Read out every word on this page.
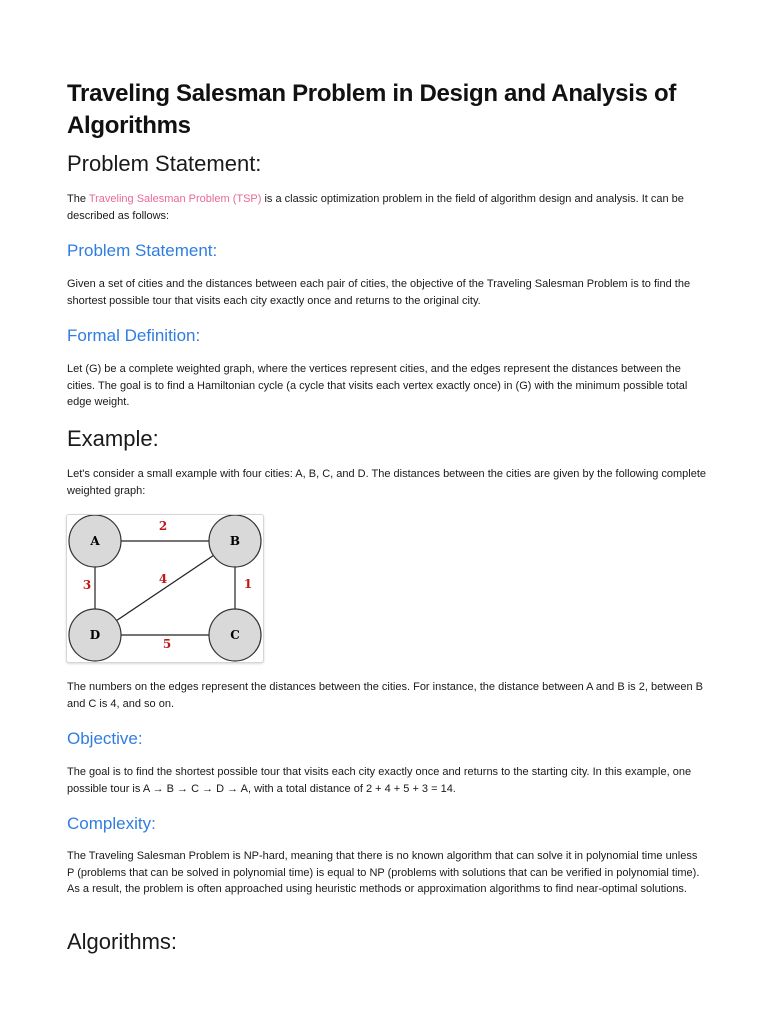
Traveling Salesman Problem in Design and Analysis of Algorithms
Problem Statement:
The Traveling Salesman Problem (TSP) is a classic optimization problem in the field of algorithm design and analysis. It can be described as follows:
Problem Statement:
Given a set of cities and the distances between each pair of cities, the objective of the Traveling Salesman Problem is to find the shortest possible tour that visits each city exactly once and returns to the original city.
Formal Definition:
Let (G) be a complete weighted graph, where the vertices represent cities, and the edges represent the distances between the cities. The goal is to find a Hamiltonian cycle (a cycle that visits each vertex exactly once) in (G) with the minimum possible total edge weight.
Example:
Let's consider a small example with four cities: A, B, C, and D. The distances between the cities are given by the following complete weighted graph:
A	B
C
D
2
1
3
5
4
The numbers on the edges represent the distances between the cities. For instance, the distance between A and B is 2, between B and C is 4, and so on.
Objective:
The goal is to find the shortest possible tour that visits each city exactly once and returns to the starting city. In this example, one possible tour is A → B → C → D → A, with a total distance of 2 + 4 + 5 + 3 = 14.
Complexity:
The Traveling Salesman Problem is NP-hard, meaning that there is no known algorithm that can solve it in polynomial time unless P (problems that can be solved in polynomial time) is equal to NP (problems with solutions that can be verified in polynomial time). As a result, the problem is often approached using heuristic methods or approximation algorithms to find near-optimal solutions.
Algorithms:
